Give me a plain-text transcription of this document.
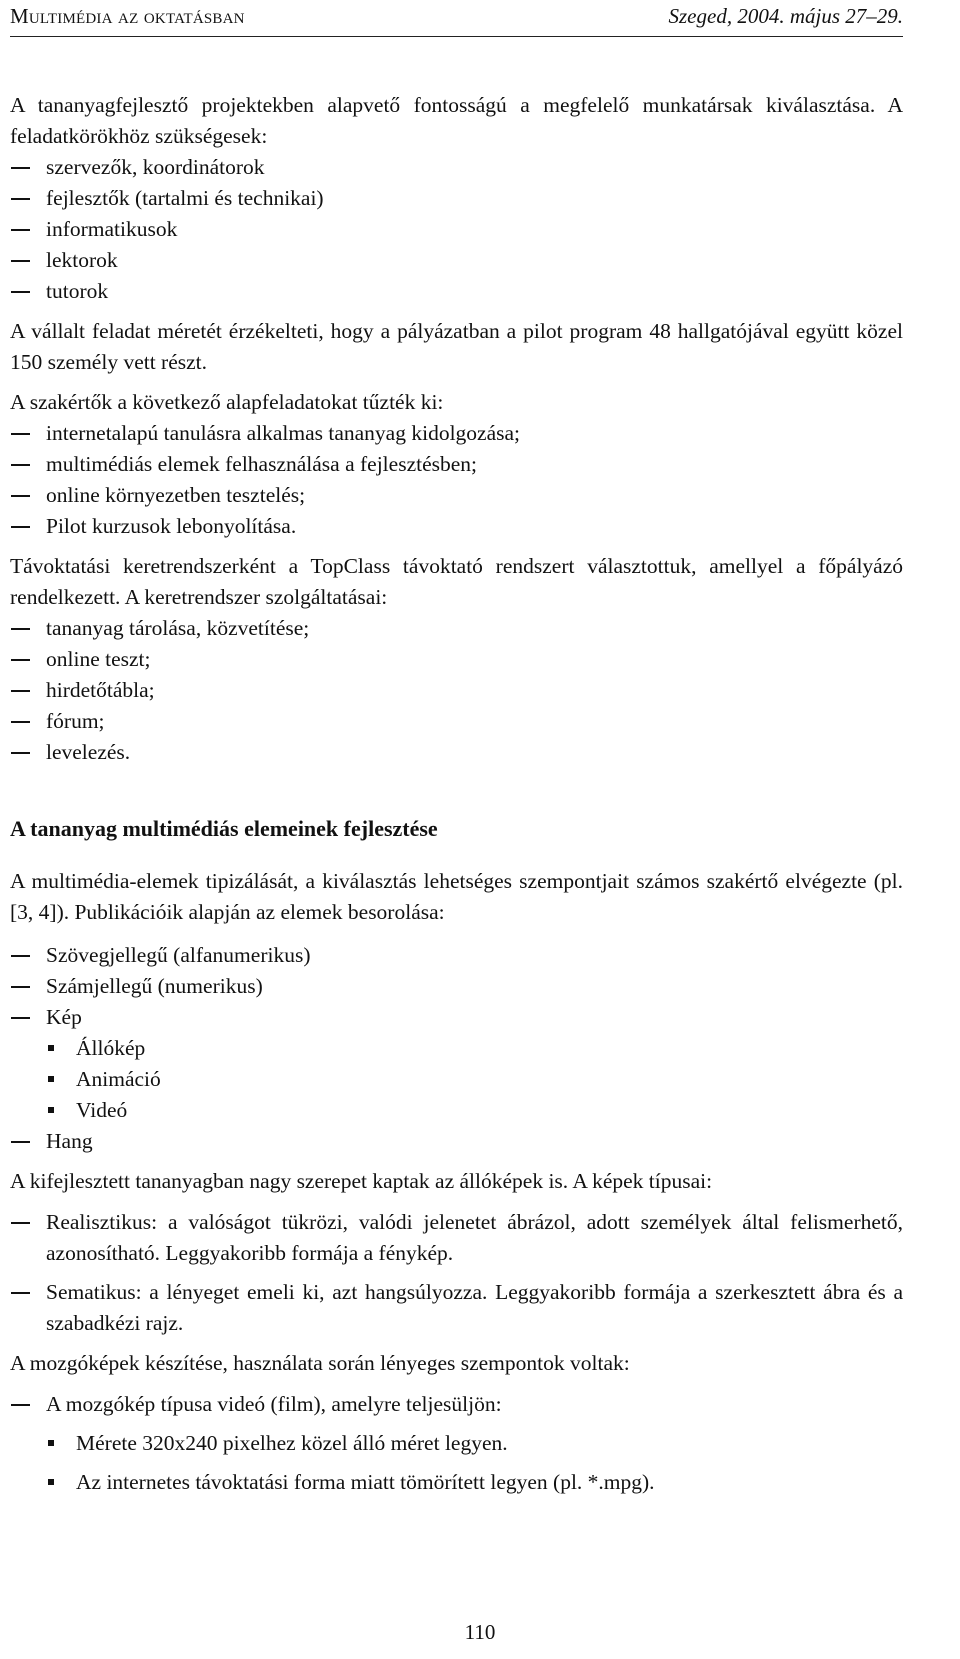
Multimédia az oktatásban	Szeged, 2004. május 27–29.

A tananyagfejlesztő projektekben alapvető fontosságú a megfelelő munkatársak kiválasztása. A feladatkörökhöz szükségesek:

szervezők, koordinátorok
fejlesztők (tartalmi és technikai)
informatikusok
lektorok
tutorok

A vállalt feladat méretét érzékelteti, hogy a pályázatban a pilot program 48 hallgatójával együtt közel 150 személy vett részt.

A szakértők a következő alapfeladatokat tűzték ki:

internetalapú tanulásra alkalmas tananyag kidolgozása;
multimédiás elemek felhasználása a fejlesztésben;
online környezetben tesztelés;
Pilot kurzusok lebonyolítása.

Távoktatási keretrendszerként a TopClass távoktató rendszert választottuk, amellyel a főpályázó rendelkezett. A keretrendszer szolgáltatásai:

tananyag tárolása, közvetítése;
online teszt;
hirdetőtábla;
fórum;
levelezés.
A tananyag multimédiás elemeinek fejlesztése

A multimédia-elemek tipizálását, a kiválasztás lehetséges szempontjait számos szakértő elvégezte (pl. [3, 4]). Publikációik alapján az elemek besorolása:

Szövegjellegű (alfanumerikus)
Számjellegű (numerikus)
Kép
Állókép
Animáció
Videó
Hang

A kifejlesztett tananyagban nagy szerepet kaptak az állóképek is. A képek típusai:

Realisztikus: a valóságot tükrözi, valódi jelenetet ábrázol, adott személyek által felismerhető, azonosítható. Leggyakoribb formája a fénykép.
Sematikus: a lényeget emeli ki, azt hangsúlyozza. Leggyakoribb formája a szerkesztett ábra és a szabadkézi rajz.

A mozgóképek készítése, használata során lényeges szempontok voltak:

A mozgókép típusa videó (film), amelyre teljesüljön:
Mérete 320x240 pixelhez közel álló méret legyen.
Az internetes távoktatási forma miatt tömörített legyen (pl. *.mpg).
110
